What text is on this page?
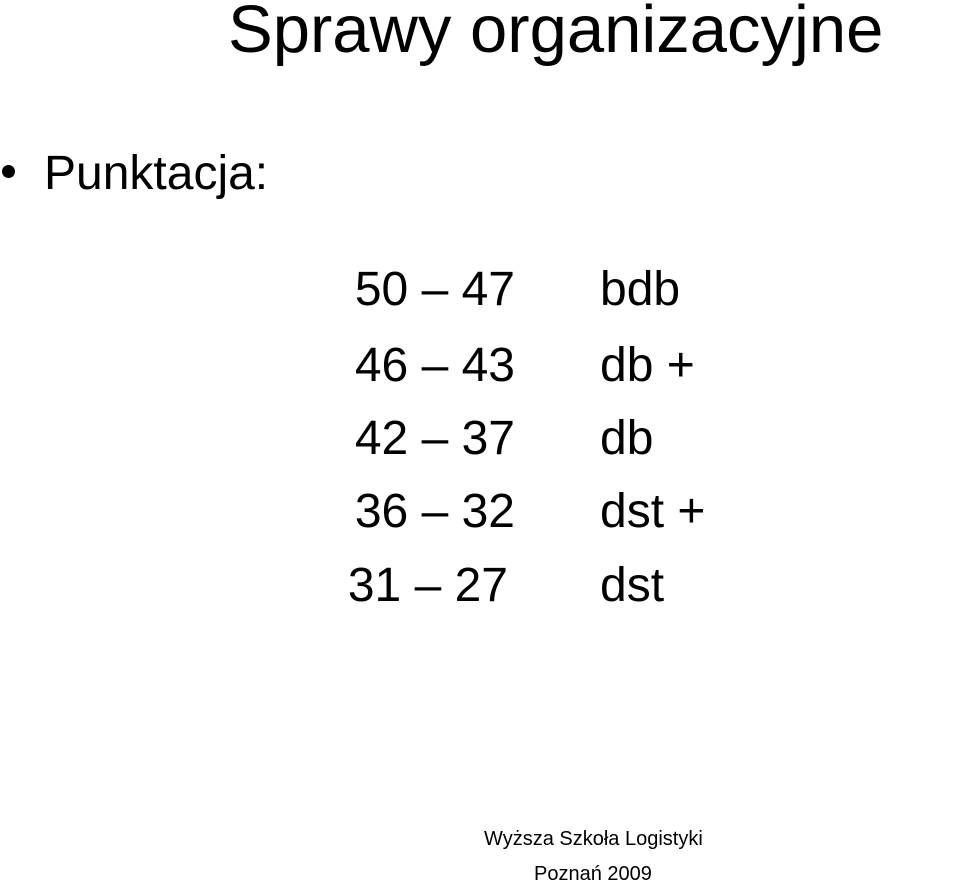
Sprawy organizacyjne
Punktacja:
50 – 47 bdb
46 – 43 db +
42 – 37 db
36 – 32 dst +
31 – 27 dst
Wyższa Szkoła Logistyki
Poznań 2009
